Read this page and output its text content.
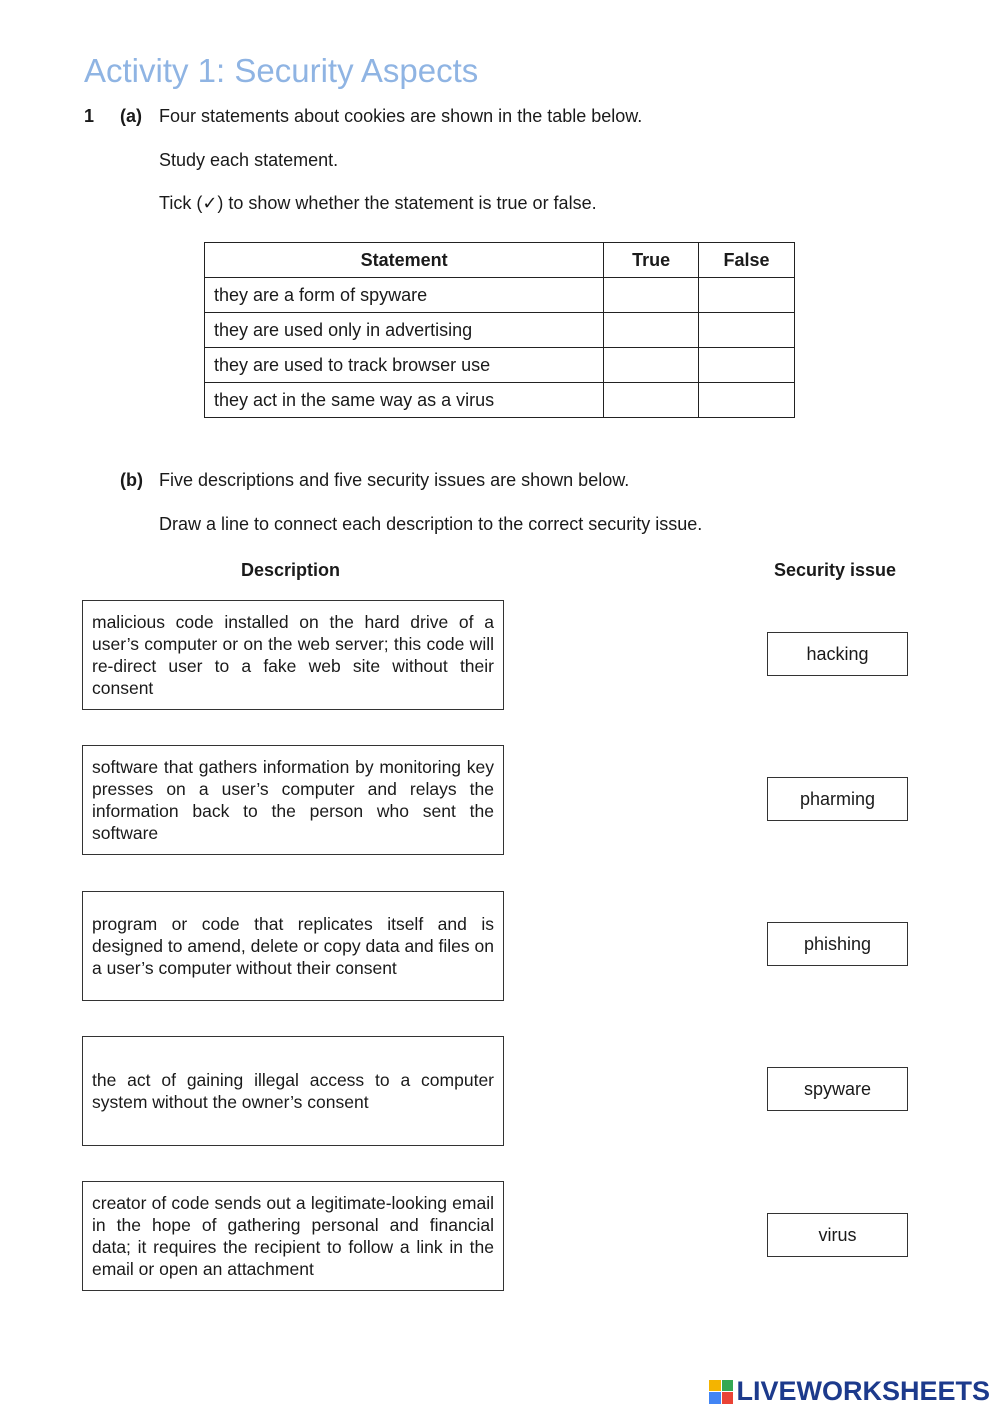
Activity 1: Security Aspects
1 (a) Four statements about cookies are shown in the table below.
Study each statement.
Tick (✓) to show whether the statement is true or false.
Statement	True	False
they are a form of spyware		
they are used only in advertising		
they are used to track browser use		
they act in the same way as a virus		
(b) Five descriptions and five security issues are shown below.
Draw a line to connect each description to the correct security issue.
Description	Security issue
malicious code installed on the hard drive of a user’s computer or on the web server; this code will re-direct user to a fake web site without their consent
software that gathers information by monitoring key presses on a user’s computer and relays the information back to the person who sent the software
program or code that replicates itself and is designed to amend, delete or copy data and files on a user’s computer without their consent
the act of gaining illegal access to a computer system without the owner’s consent
creator of code sends out a legitimate-looking email in the hope of gathering personal and financial data; it requires the recipient to follow a link in the email or open an attachment
hacking
pharming
phishing
spyware
virus
LIVEWORKSHEETS
